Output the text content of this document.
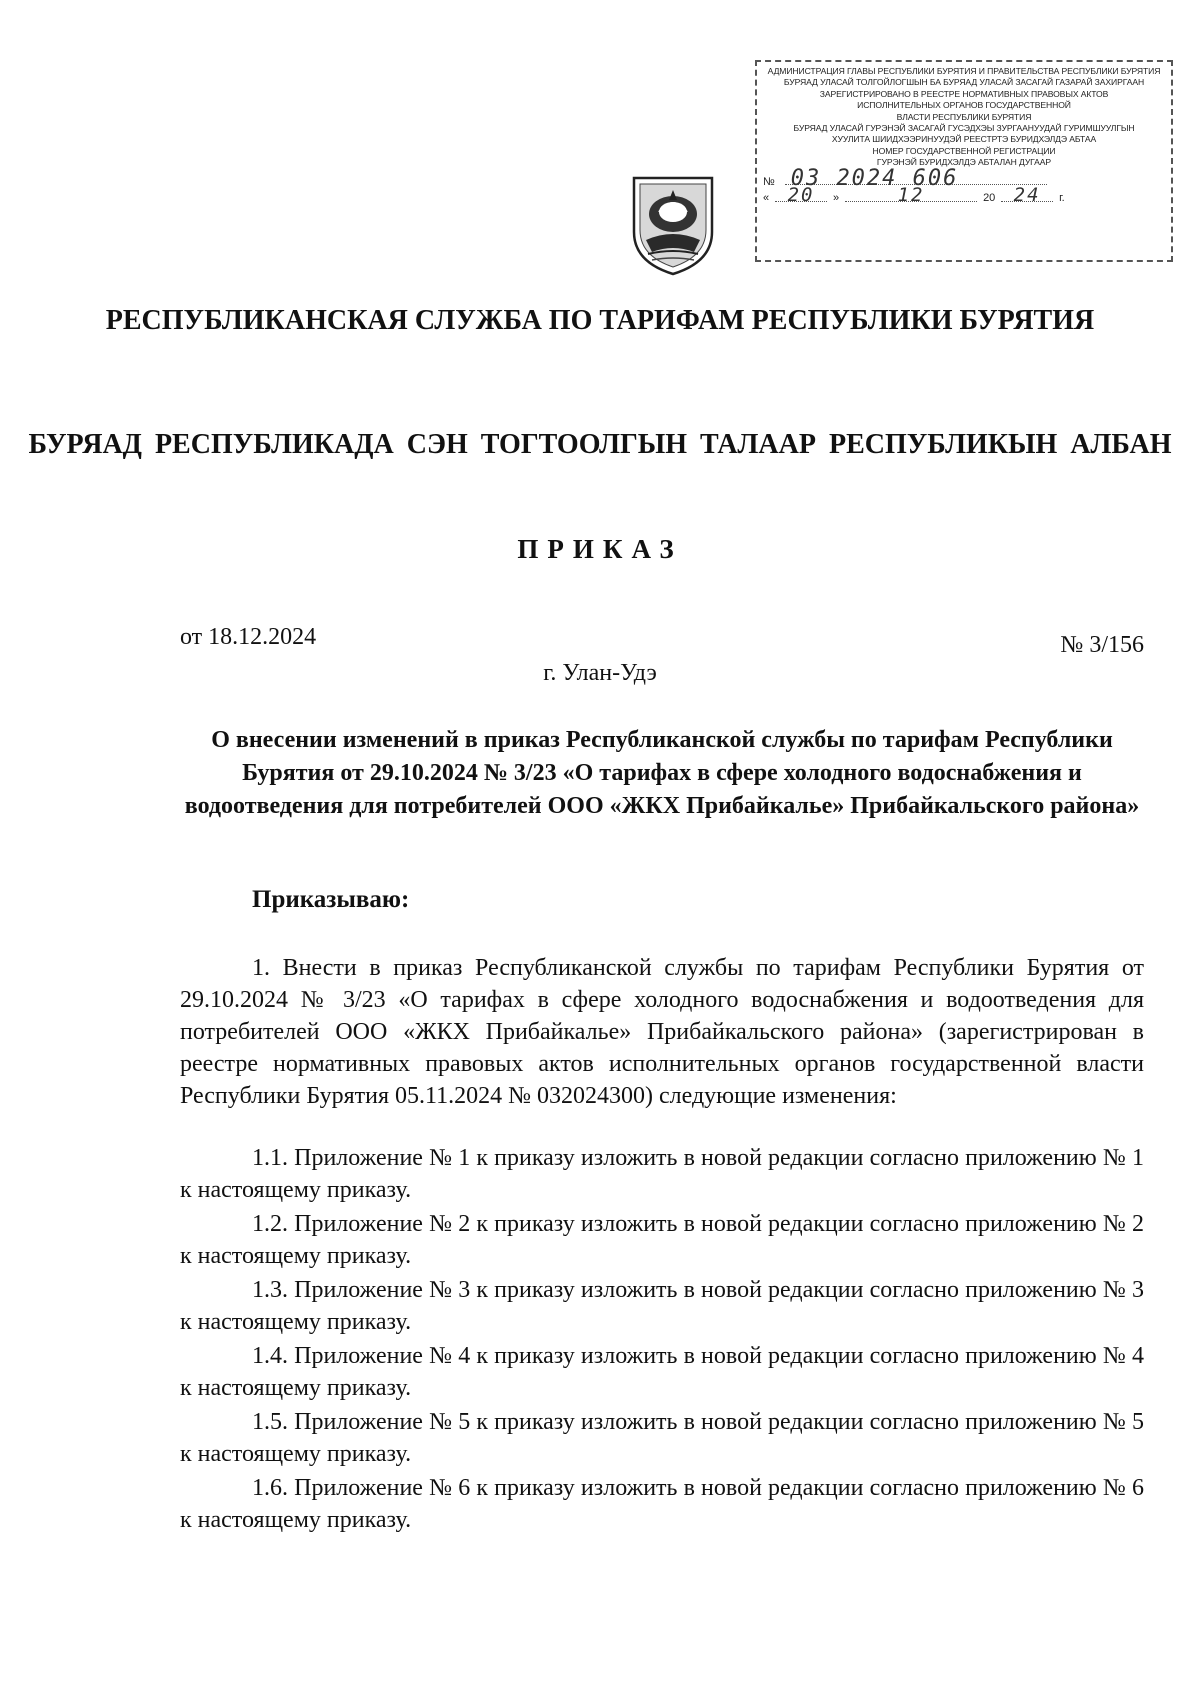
АДМИНИСТРАЦИЯ ГЛАВЫ РЕСПУБЛИКИ БУРЯТИЯ И ПРАВИТЕЛЬСТВА РЕСПУБЛИКИ БУРЯТИЯ
БУРЯАД УЛАСАЙ ТОЛГОЙЛОГШЫН БА БУРЯАД УЛАСАЙ ЗАСАГАЙ ГАЗАРАЙ ЗАХИРГААН
ЗАРЕГИСТРИРОВАНО В РЕЕСТРЕ НОРМАТИВНЫХ ПРАВОВЫХ АКТОВ
ИСПОЛНИТЕЛЬНЫХ ОРГАНОВ ГОСУДАРСТВЕННОЙ
ВЛАСТИ РЕСПУБЛИКИ БУРЯТИЯ
БУРЯАД УЛАСАЙ ГУРЭНЭЙ ЗАСАГАЙ ГУСЭДХЭЫ ЗУРГААНУУДАЙ ГУРИМШУУЛГЫН
ХУУЛИТА ШИИДХЭЭРИНУУДЭЙ РЕЕСТРТЭ БУРИДХЭЛДЭ АБТАА
НОМЕР ГОСУДАРСТВЕННОЙ РЕГИСТРАЦИИ
ГУРЭНЭЙ БУРИДХЭЛДЭ АБТАЛАН ДУГААР
№ 03 2024 606
« 20	»	12	20 24	г.
РЕСПУБЛИКАНСКАЯ СЛУЖБА ПО ТАРИФАМ РЕСПУБЛИКИ БУРЯТИЯ
БУРЯАД РЕСПУБЛИКАДА СЭН ТОГТООЛГЫН ТАЛААР РЕСПУБЛИКЫН АЛБАН
ПРИКАЗ
от 18.12.2024	№ 3/156
г. Улан-Удэ
О внесении изменений в приказ Республиканской службы по тарифам Республики Бурятия от 29.10.2024 № 3/23 «О тарифах в сфере холодного водоснабжения и водоотведения для потребителей ООО «ЖКХ Прибайкалье» Прибайкальского района»
Приказываю:

1. Внести в приказ Республиканской службы по тарифам Республики Бурятия от 29.10.2024 № 3/23 «О тарифах в сфере холодного водоснабжения и водоотведения для потребителей ООО «ЖКХ Прибайкалье» Прибайкальского района» (зарегистрирован в реестре нормативных правовых актов исполнительных органов государственной власти Республики Бурятия 05.11.2024 № 032024300) следующие изменения:

1.1. Приложение № 1 к приказу изложить в новой редакции согласно приложению № 1 к настоящему приказу.

1.2. Приложение № 2 к приказу изложить в новой редакции согласно приложению № 2 к настоящему приказу.

1.3. Приложение № 3 к приказу изложить в новой редакции согласно приложению № 3 к настоящему приказу.

1.4. Приложение № 4 к приказу изложить в новой редакции согласно приложению № 4 к настоящему приказу.

1.5. Приложение № 5 к приказу изложить в новой редакции согласно приложению № 5 к настоящему приказу.

1.6. Приложение № 6 к приказу изложить в новой редакции согласно приложению № 6 к настоящему приказу.
